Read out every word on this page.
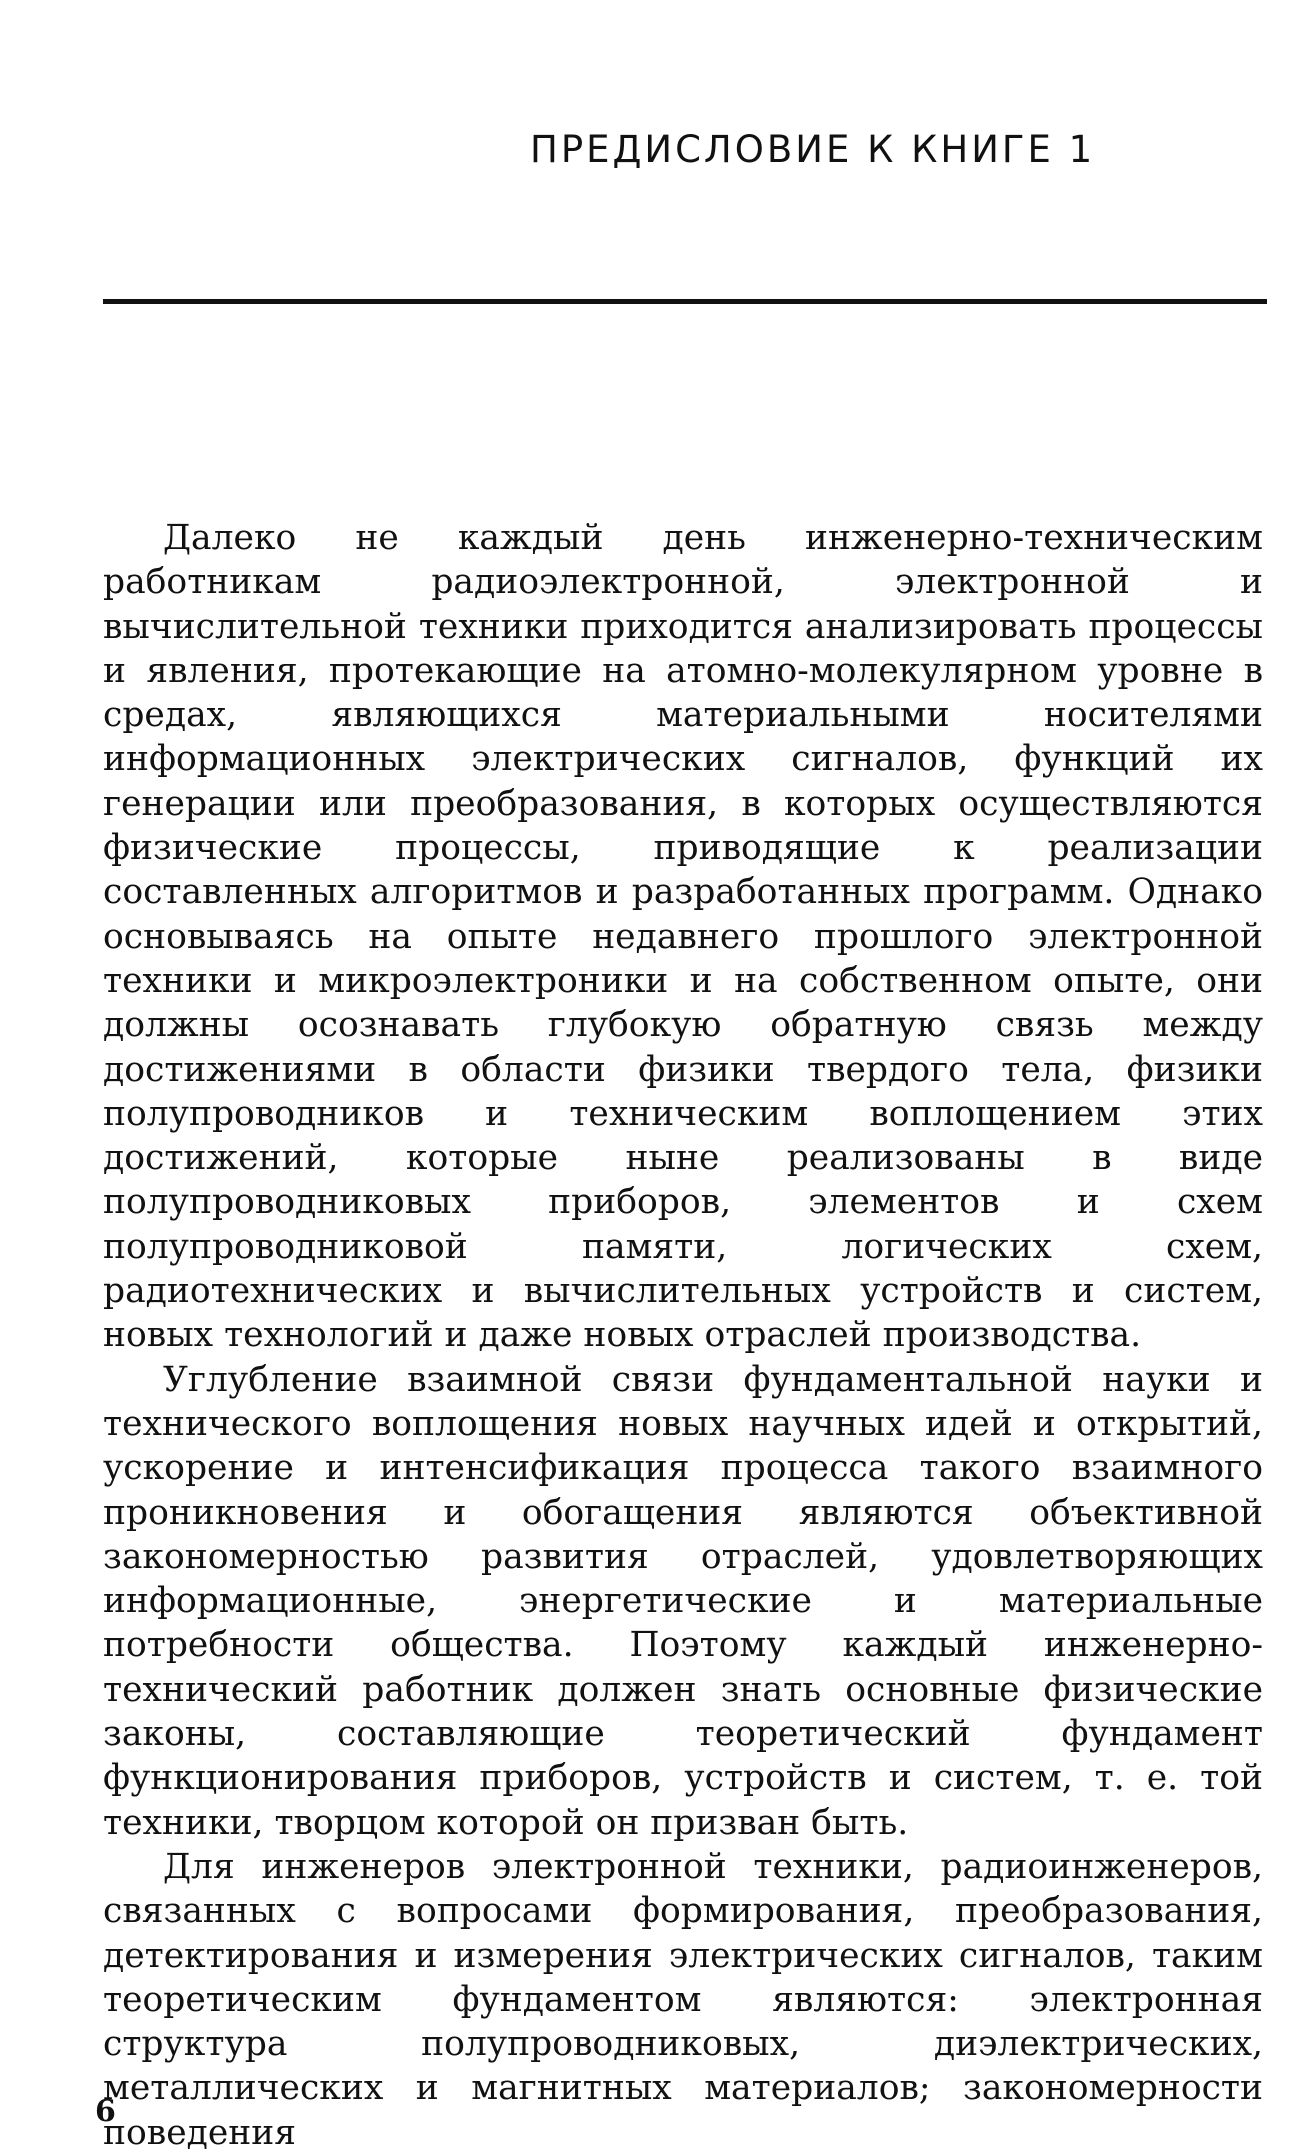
ПРЕДИСЛОВИЕ К КНИГЕ 1

Далеко не каждый день инженерно-техническим работникам радиоэлектронной, электронной и вычислительной техники приходится анализировать процессы и явления, протекающие на атомно-молекулярном уровне в средах, являющихся материальными носителями информационных электрических сигналов, функций их генерации или преобразования, в которых осуществляются физические процессы, приводящие к реализации составленных алгоритмов и разработанных программ. Однако основываясь на опыте недавнего прошлого электронной техники и микроэлектроники и на собственном опыте, они должны осознавать глубокую обратную связь между достижениями в области физики твердого тела, физики полупроводников и техническим воплощением этих достижений, которые ныне реализованы в виде полупроводниковых приборов, элементов и схем полупроводниковой памяти, логических схем, радиотехнических и вычислительных устройств и систем, новых технологий и даже новых отраслей производства.

Углубление взаимной связи фундаментальной науки и технического воплощения новых научных идей и открытий, ускорение и интенсификация процесса такого взаимного проникновения и обогащения являются объективной закономерностью развития отраслей, удовлетворяющих информационные, энергетические и материальные потребности общества. Поэтому каждый инженерно-технический работник должен знать основные физические законы, составляющие теоретический фундамент функционирования приборов, устройств и систем, т. е. той техники, творцом которой он призван быть.

Для инженеров электронной техники, радиоинженеров, связанных с вопросами формирования, преобразования, детектирования и измерения электрических сигналов, таким теоретическим фундаментом являются: электронная структура полупроводниковых, диэлектрических, металлических и магнитных материалов; закономерности поведения

6
